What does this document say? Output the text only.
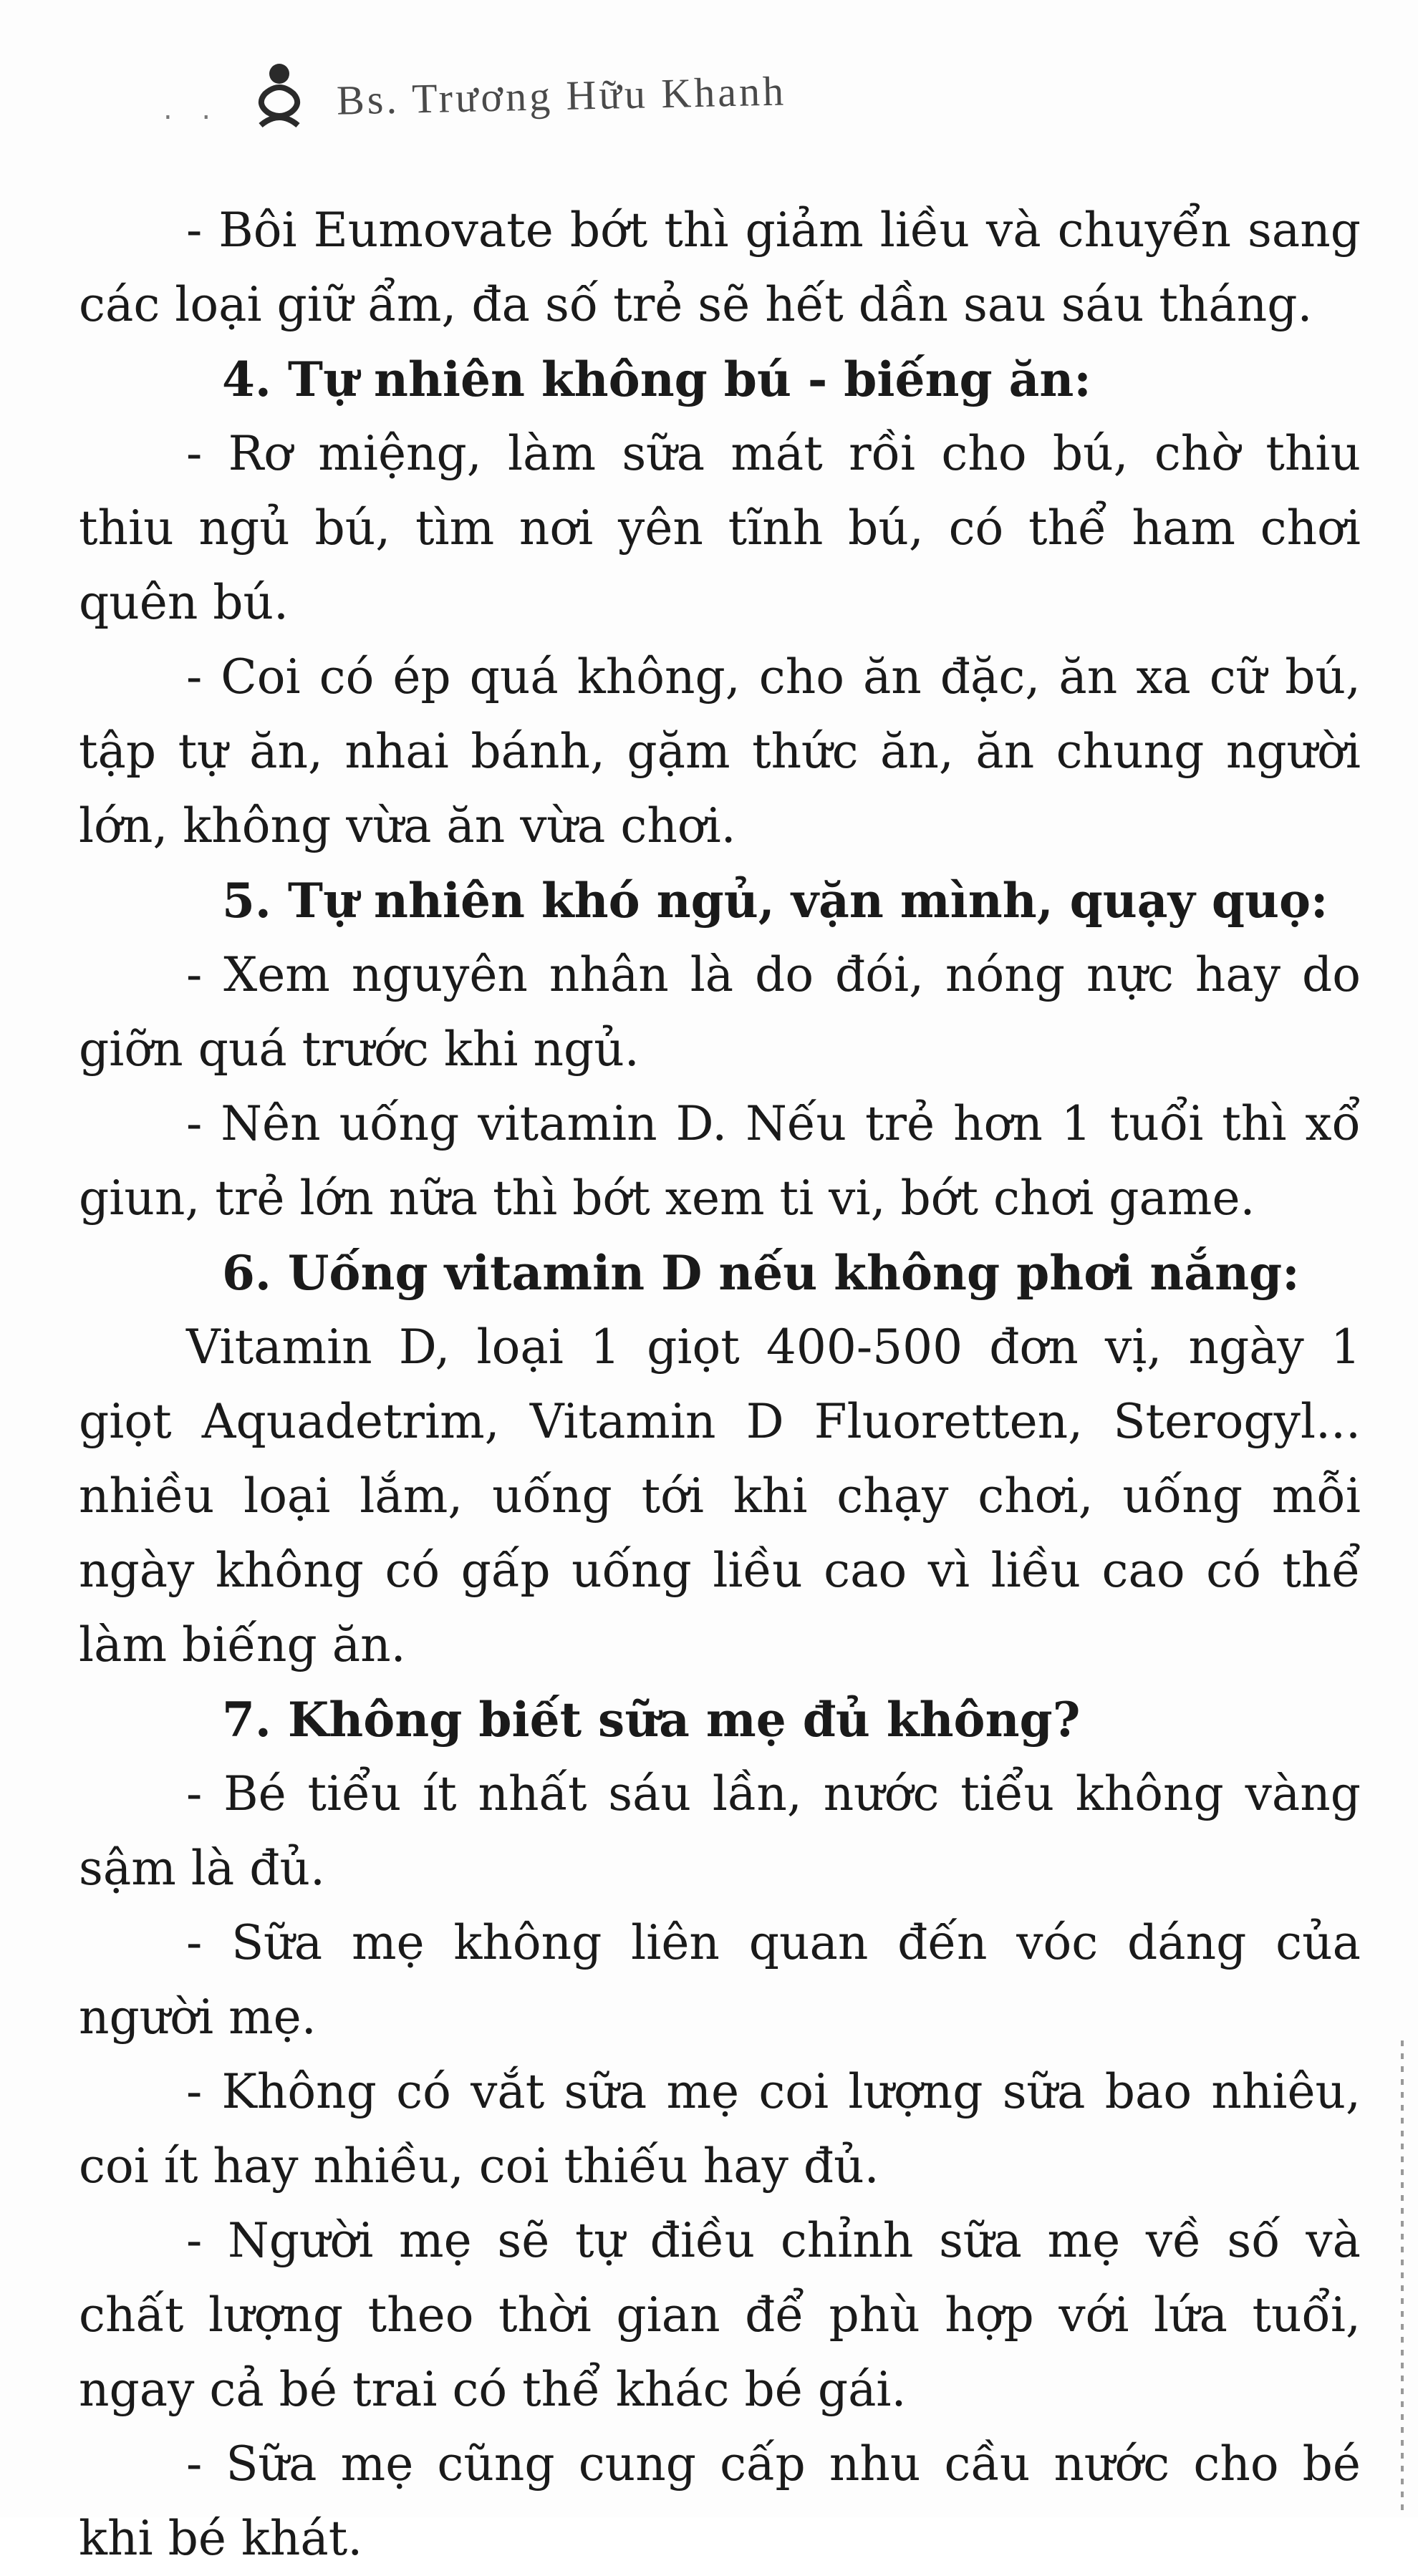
. .	Bs. Trương Hữu Khanh

- Bôi Eumovate bớt thì giảm liều và chuyển sang các loại giữ ẩm, đa số trẻ sẽ hết dần sau sáu tháng.

4. Tự nhiên không bú - biếng ăn:

- Rơ miệng, làm sữa mát rồi cho bú, chờ thiu thiu ngủ bú, tìm nơi yên tĩnh bú, có thể ham chơi quên bú.

- Coi có ép quá không, cho ăn đặc, ăn xa cữ bú, tập tự ăn, nhai bánh, gặm thức ăn, ăn chung người lớn, không vừa ăn vừa chơi.

5. Tự nhiên khó ngủ, vặn mình, quạy quọ:

- Xem nguyên nhân là do đói, nóng nực hay do giỡn quá trước khi ngủ.

- Nên uống vitamin D. Nếu trẻ hơn 1 tuổi thì xổ giun, trẻ lớn nữa thì bớt xem ti vi, bớt chơi game.

6. Uống vitamin D nếu không phơi nắng:

Vitamin D, loại 1 giọt 400-500 đơn vị, ngày 1 giọt Aquadetrim, Vitamin D Fluoretten, Sterogyl... nhiều loại lắm, uống tới khi chạy chơi, uống mỗi ngày không có gấp uống liều cao vì liều cao có thể làm biếng ăn.

7. Không biết sữa mẹ đủ không?

- Bé tiểu ít nhất sáu lần, nước tiểu không vàng sậm là đủ.

- Sữa mẹ không liên quan đến vóc dáng của người mẹ.

- Không có vắt sữa mẹ coi lượng sữa bao nhiêu, coi ít hay nhiều, coi thiếu hay đủ.

- Người mẹ sẽ tự điều chỉnh sữa mẹ về số và chất lượng theo thời gian để phù hợp với lứa tuổi, ngay cả bé trai có thể khác bé gái.

- Sữa mẹ cũng cung cấp nhu cầu nước cho bé khi bé khát.
